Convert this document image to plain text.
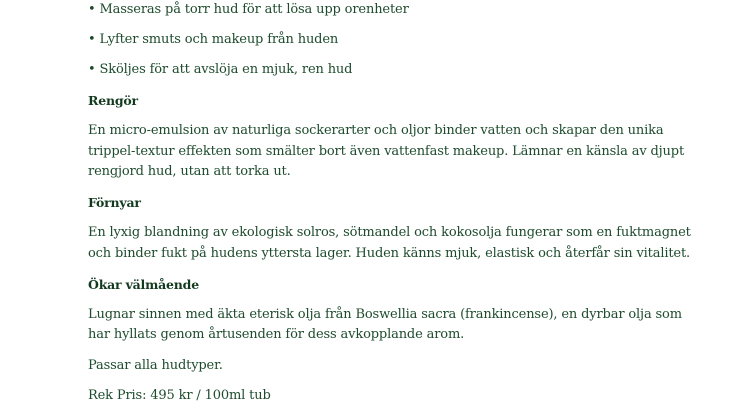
• Masseras på torr hud för att lösa upp orenheter

• Lyfter smuts och makeup från huden

• Sköljes för att avslöja en mjuk, ren hud

Rengör

En micro-emulsion av naturliga sockerarter och oljor binder vatten och skapar den unika

trippel-textur effekten som smälter bort även vattenfast makeup. Lämnar en känsla av djupt

rengjord hud, utan att torka ut.

Förnyar

En lyxig blandning av ekologisk solros, sötmandel och kokosolja fungerar som en fuktmagnet

och binder fukt på hudens yttersta lager. Huden känns mjuk, elastisk och återfår sin vitalitet.

Ökar välmående

Lugnar sinnen med äkta eterisk olja från Boswellia sacra (frankincense), en dyrbar olja som

har hyllats genom årtusenden för dess avkopplande arom.

Passar alla hudtyper.

Rek Pris: 495 kr / 100ml tub
